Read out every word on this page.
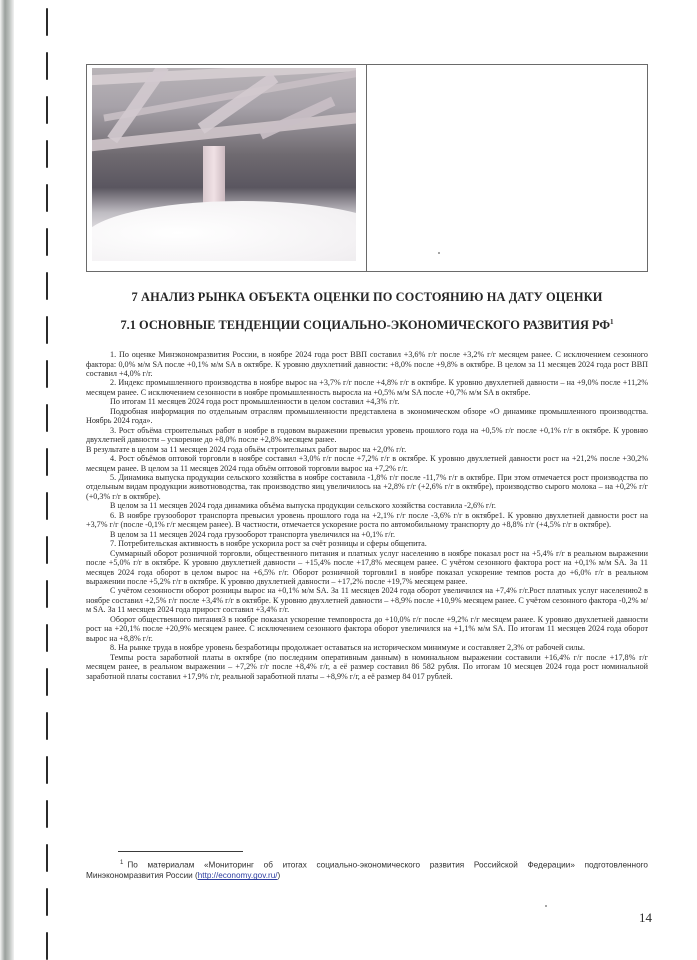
7 АНАЛИЗ РЫНКА ОБЪЕКТА ОЦЕНКИ ПО СОСТОЯНИЮ НА ДАТУ ОЦЕНКИ
7.1 ОСНОВНЫЕ ТЕНДЕНЦИИ СОЦИАЛЬНО-ЭКОНОМИЧЕСКОГО РАЗВИТИЯ $РФ^1$

1. По оценке Минэкономразвития России, в ноябре 2024 года рост ВВП составил +3,6% г/г после +3,2% г/г месяцем ранее. С исключением сезонного фактора: 0,0% м/м SA после +0,1% м/м SA в октябре. К уровню двухлетний давности: +8,0% после +9,8% в октябре. В целом за 11 месяцев 2024 года рост ВВП составил +4,0% г/г.

2. Индекс промышленного производства в ноябре вырос на +3,7% г/г после +4,8% г/г в октябре. К уровню двухлетней давности – на +9,0% после +11,2% месяцем ранее. С исключением сезонности в ноябре промышленность выросла на +0,5% м/м SA после +0,7% м/м SA в октябре.

По итогам 11 месяцев 2024 года рост промышленности в целом составил +4,3% г/г.

Подробная информация по отдельным отраслям промышленности представлена в экономическом обзоре «О динамике промышленного производства. Ноябрь 2024 года».

3. Рост объёма строительных работ в ноябре в годовом выражении превысил уровень прошлого года на +0,5% г/г после +0,1% г/г в октябре. К уровню двухлетней давности – ускорение до +8,0% после +2,8% месяцем ранее.

В результате в целом за 11 месяцев 2024 года объём строительных работ вырос на +2,0% г/г.

4. Рост объёмов оптовой торговли в ноябре составил +3,0% г/г после +7,2% г/г в октябре. К уровню двухлетней давности рост на +21,2% после +30,2% месяцем ранее. В целом за 11 месяцев 2024 года объём оптовой торговли вырос на +7,2% г/г.

5. Динамика выпуска продукции сельского хозяйства в ноябре составила -1,8% г/г после -11,7% г/г в октябре. При этом отмечается рост производства по отдельным видам продукции животноводства, так производство яиц увеличилось на +2,8% г/г (+2,6% г/г в октябре), производство сырого молока – на +0,2% г/г (+0,3% г/г в октябре).

В целом за 11 месяцев 2024 года динамика объёма выпуска продукции сельского хозяйства составила -2,6% г/г.

6. В ноябре грузооборот транспорта превысил уровень прошлого года на +2,1% г/г после -3,6% г/г в октябре1. К уровню двухлетней давности рост на +3,7% г/г (после -0,1% г/г месяцем ранее). В частности, отмечается ускорение роста по автомобильному транспорту до +8,8% г/г (+4,5% г/г в октябре).

В целом за 11 месяцев 2024 года грузооборот транспорта увеличился на +0,1% г/г.

7. Потребительская активность в ноябре ускорила рост за счёт розницы и сферы общепита.

Суммарный оборот розничной торговли, общественного питания и платных услуг населению в ноябре показал рост на +5,4% г/г в реальном выражении после +5,0% г/г в октябре. К уровню двухлетней давности – +15,4% после +17,8% месяцем ранее. С учётом сезонного фактора рост на +0,1% м/м SA. За 11 месяцев 2024 года оборот в целом вырос на +6,5% г/г. Оборот розничной торговли1 в ноябре показал ускорение темпов роста до +6,0% г/г в реальном выражении после +5,2% г/г в октябре. К уровню двухлетней давности – +17,2% после +19,7% месяцем ранее.

С учётом сезонности оборот розницы вырос на +0,1% м/м SA. За 11 месяцев 2024 года оборот увеличился на +7,4% г/г.Рост платных услуг населению2 в ноябре составил +2,5% г/г после +3,4% г/г в октябре. К уровню двухлетней давности – +8,9% после +10,9% месяцем ранее. С учётом сезонного фактора -0,2% м/м SA. За 11 месяцев 2024 года прирост составил +3,4% г/г.

Оборот общественного питания3 в ноябре показал ускорение темповроста до +10,0% г/г после +9,2% г/г месяцем ранее. К уровню двухлетней давности рост на +20,1% после +20,9% месяцем ранее. С исключением сезонного фактора оборот увеличился на +1,1% м/м SA. По итогам 11 месяцев 2024 года оборот вырос на +8,8% г/г.

8. На рынке труда в ноябре уровень безработицы продолжает оставаться на историческом минимуме и составляет 2,3% от рабочей силы.

Темпы роста заработной платы в октябре (по последним оперативным данным) в номинальном выражении составили +16,4% г/г после +17,8% г/г месяцем ранее, в реальном выражении – +7,2% г/г после +8,4% г/г, а её размер составил 86 582 рубля. По итогам 10 месяцев 2024 года рост номинальной заработной платы составил +17,9% г/г, реальной заработной платы – +8,9% г/г, а её размер 84 017 рублей.

$^1$ По материалам «Мониторинг об итогах социально-экономического развития Российской Федерации» подготовленного Минэкономразвития России (http://economy.gov.ru/)
14
